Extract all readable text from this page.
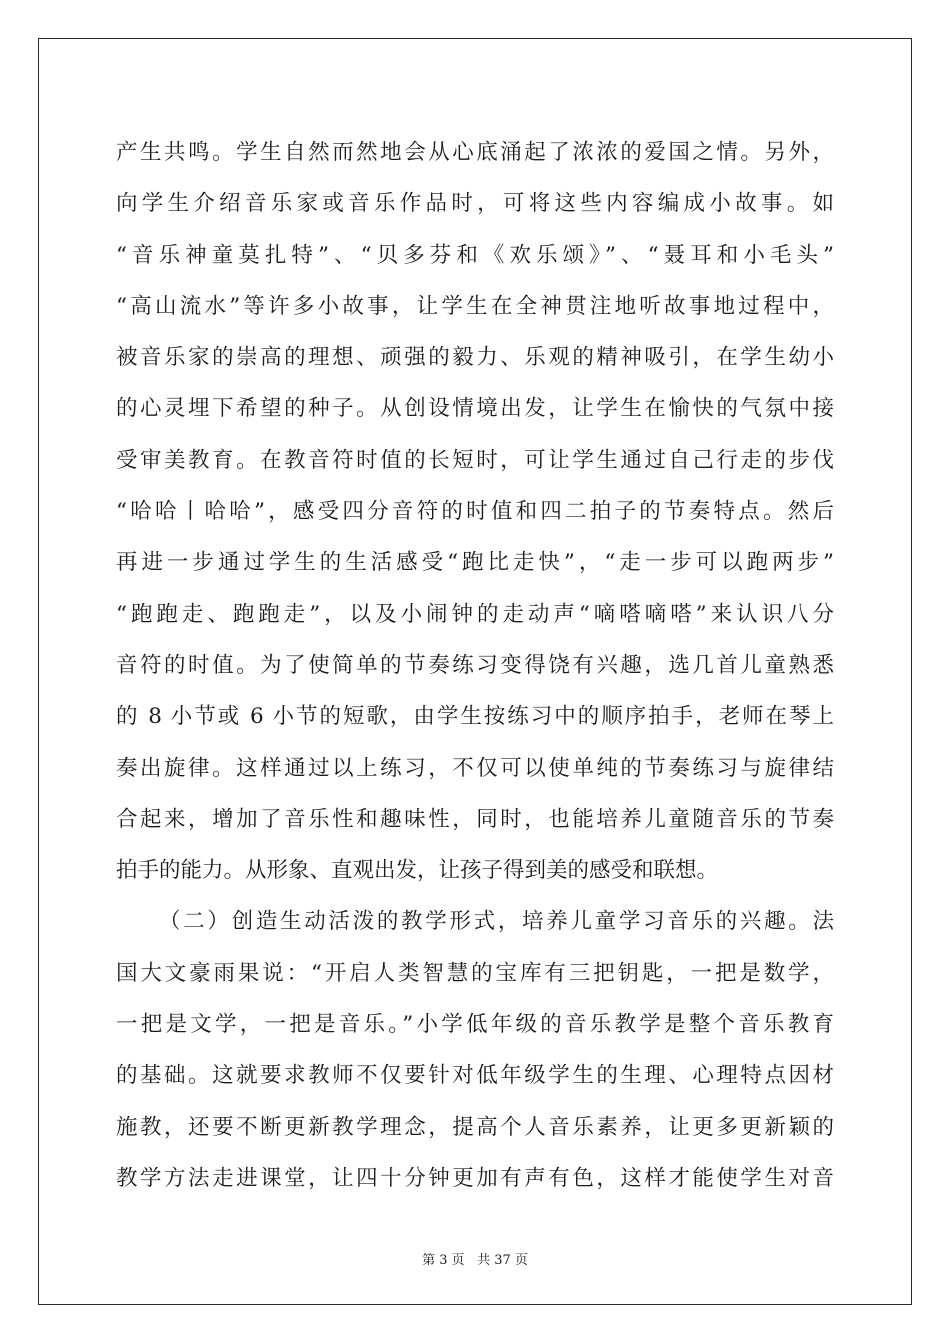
产生共鸣。学生自然而然地会从心底涌起了浓浓的爱国之情。另外，
向学生介绍音乐家或音乐作品时，可将这些内容编成小故事。如
“音乐神童莫扎特”、“贝多芬和《欢乐颂》”、“聂耳和小毛头”
“高山流水”等许多小故事，让学生在全神贯注地听故事地过程中，
被音乐家的崇高的理想、顽强的毅力、乐观的精神吸引，在学生幼小
的心灵埋下希望的种子。从创设情境出发，让学生在愉快的气氛中接
受审美教育。在教音符时值的长短时，可让学生通过自己行走的步伐
“哈哈丨哈哈”，感受四分音符的时值和四二拍子的节奏特点。然后
再进一步通过学生的生活感受“跑比走快”，“走一步可以跑两步”
“跑跑走、跑跑走”，以及小闹钟的走动声“嘀嗒嘀嗒”来认识八分
音符的时值。为了使简单的节奏练习变得饶有兴趣，选几首儿童熟悉
的 8 小节或 6 小节的短歌，由学生按练习中的顺序拍手，老师在琴上
奏出旋律。这样通过以上练习，不仅可以使单纯的节奏练习与旋律结
合起来，增加了音乐性和趣味性，同时，也能培养儿童随音乐的节奏
拍手的能力。从形象、直观出发，让孩子得到美的感受和联想。
（二）创造生动活泼的教学形式，培养儿童学习音乐的兴趣。法
国大文豪雨果说：“开启人类智慧的宝库有三把钥匙，一把是数学，
一把是文学，一把是音乐。”小学低年级的音乐教学是整个音乐教育
的基础。这就要求教师不仅要针对低年级学生的生理、心理特点因材
施教，还要不断更新教学理念，提高个人音乐素养，让更多更新颖的
教学方法走进课堂，让四十分钟更加有声有色，这样才能使学生对音
第 3 页 共 37 页
